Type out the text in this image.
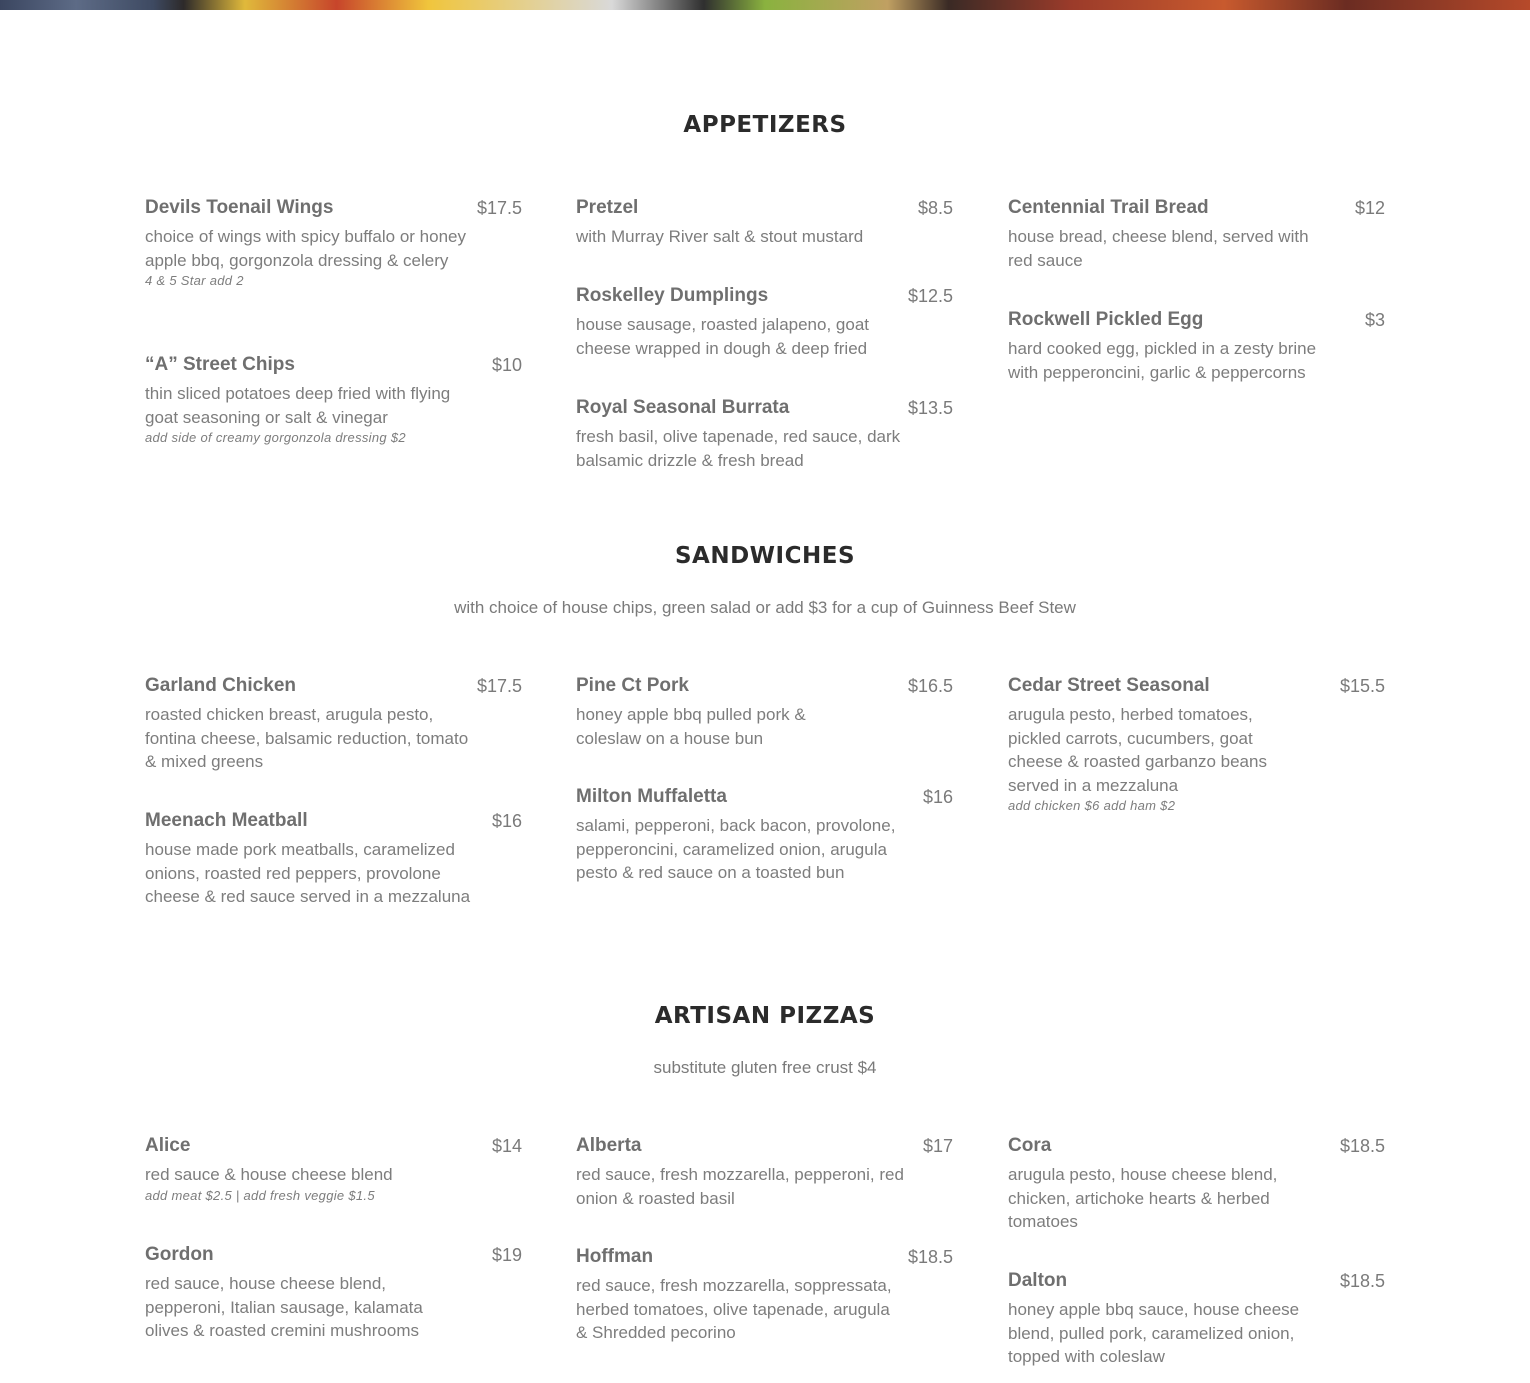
APPETIZERS
Devils Toenail Wings	$17.5
choice of wings with spicy buffalo or honey apple bbq, gorgonzola dressing & celery
4 & 5 Star add 2
“A” Street Chips	$10
thin sliced potatoes deep fried with flying goat seasoning or salt & vinegar
add side of creamy gorgonzola dressing $2
Pretzel	$8.5
with Murray River salt & stout mustard
Roskelley Dumplings	$12.5
house sausage, roasted jalapeno, goat cheese wrapped in dough & deep fried
Royal Seasonal Burrata	$13.5
fresh basil, olive tapenade, red sauce, dark balsamic drizzle & fresh bread
Centennial Trail Bread	$12
house bread, cheese blend, served with red sauce
Rockwell Pickled Egg	$3
hard cooked egg, pickled in a zesty brine with pepperoncini, garlic & peppercorns
SANDWICHES
with choice of house chips, green salad or add $3 for a cup of Guinness Beef Stew
Garland Chicken	$17.5
roasted chicken breast, arugula pesto, fontina cheese, balsamic reduction, tomato & mixed greens
Meenach Meatball	$16
house made pork meatballs, caramelized onions, roasted red peppers, provolone cheese & red sauce served in a mezzaluna
Pine Ct Pork	$16.5
honey apple bbq pulled pork & coleslaw on a house bun
Milton Muffaletta	$16
salami, pepperoni, back bacon, provolone, pepperoncini, caramelized onion, arugula pesto & red sauce on a toasted bun
Cedar Street Seasonal	$15.5
arugula pesto, herbed tomatoes, pickled carrots, cucumbers, goat cheese & roasted garbanzo beans served in a mezzaluna
add chicken $6 add ham $2
ARTISAN PIZZAS
substitute gluten free crust $4
Alice	$14
red sauce & house cheese blend
add meat $2.5 | add fresh veggie $1.5
Gordon	$19
red sauce, house cheese blend, pepperoni, Italian sausage, kalamata olives & roasted cremini mushrooms
Alberta	$17
red sauce, fresh mozzarella, pepperoni, red onion & roasted basil
Hoffman	$18.5
red sauce, fresh mozzarella, soppressata, herbed tomatoes, olive tapenade, arugula & Shredded pecorino
Cora	$18.5
arugula pesto, house cheese blend, chicken, artichoke hearts & herbed tomatoes
Dalton	$18.5
honey apple bbq sauce, house cheese blend, pulled pork, caramelized onion, topped with coleslaw
